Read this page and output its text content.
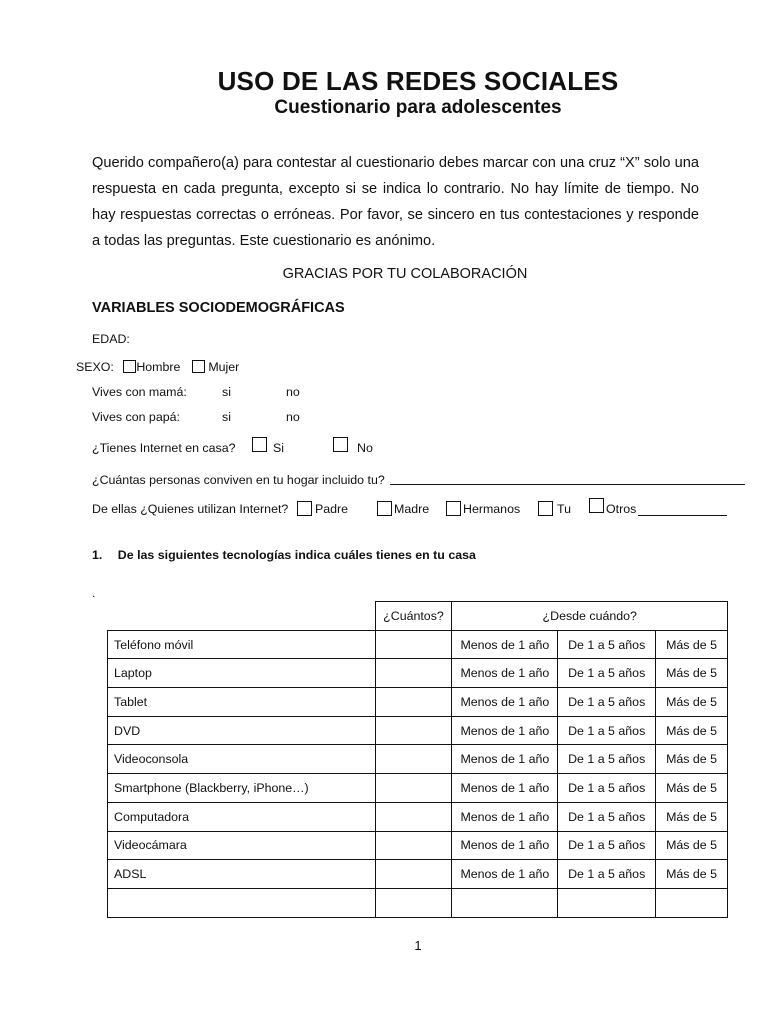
USO DE LAS REDES SOCIALES
Cuestionario para adolescentes

Querido compañero(a) para contestar al cuestionario debes marcar con una cruz “X” solo una respuesta en cada pregunta, excepto si se indica lo contrario. No hay límite de tiempo. No hay respuestas correctas o erróneas. Por favor, se sincero en tus contestaciones y responde a todas las preguntas. Este cuestionario es anónimo.

GRACIAS POR TU COLABORACIÓN
VARIABLES SOCIODEMOGRÁFICAS
EDAD:
SEXO: Hombre Mujer
Vives con mamá:	si	no
Vives con papá:	si	no
¿Tienes Internet en casa?	Si	No
¿Cuántas personas conviven en tu hogar incluido tu?
De ellas ¿Quienes utilizan Internet? Padre	Madre	Hermanos	Tu	Otros
1. De las siguientes tecnologías indica cuáles tienes en tu casa
.
	¿Cuántos?	¿Desde cuándo?		
Teléfono móvil		Menos de 1 año	De 1 a 5 años	Más de 5
Laptop		Menos de 1 año	De 1 a 5 años	Más de 5
Tablet		Menos de 1 año	De 1 a 5 años	Más de 5
DVD		Menos de 1 año	De 1 a 5 años	Más de 5
Videoconsola		Menos de 1 año	De 1 a 5 años	Más de 5
Smartphone (Blackberry, iPhone…)		Menos de 1 año	De 1 a 5 años	Más de 5
Computadora		Menos de 1 año	De 1 a 5 años	Más de 5
Videocámara		Menos de 1 año	De 1 a 5 años	Más de 5
ADSL		Menos de 1 año	De 1 a 5 años	Más de 5

1
